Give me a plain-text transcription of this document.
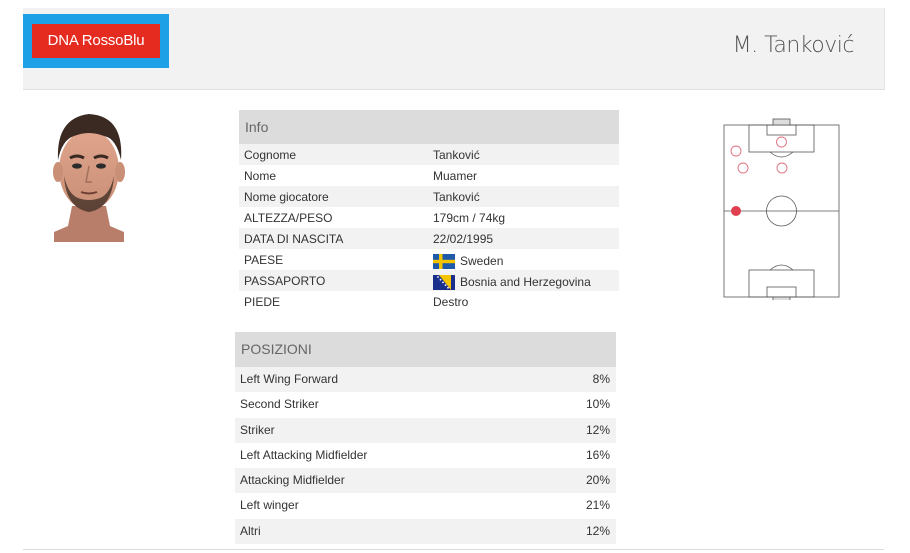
DNA RossoBlu	M. Tanković
Info
Cognome	Tanković
Nome	Muamer
Nome giocatore	Tanković
ALTEZZA/PESO	179cm / 74kg
DATA DI NASCITA	22/02/1995
PAESE	Sweden
PASSAPORTO	Bosnia and Herzegovina
PIEDE	Destro
POSIZIONI
Left Wing Forward	8%
Second Striker	10%
Striker	12%
Left Attacking Midfielder	16%
Attacking Midfielder	20%
Left winger	21%
Altri	12%
